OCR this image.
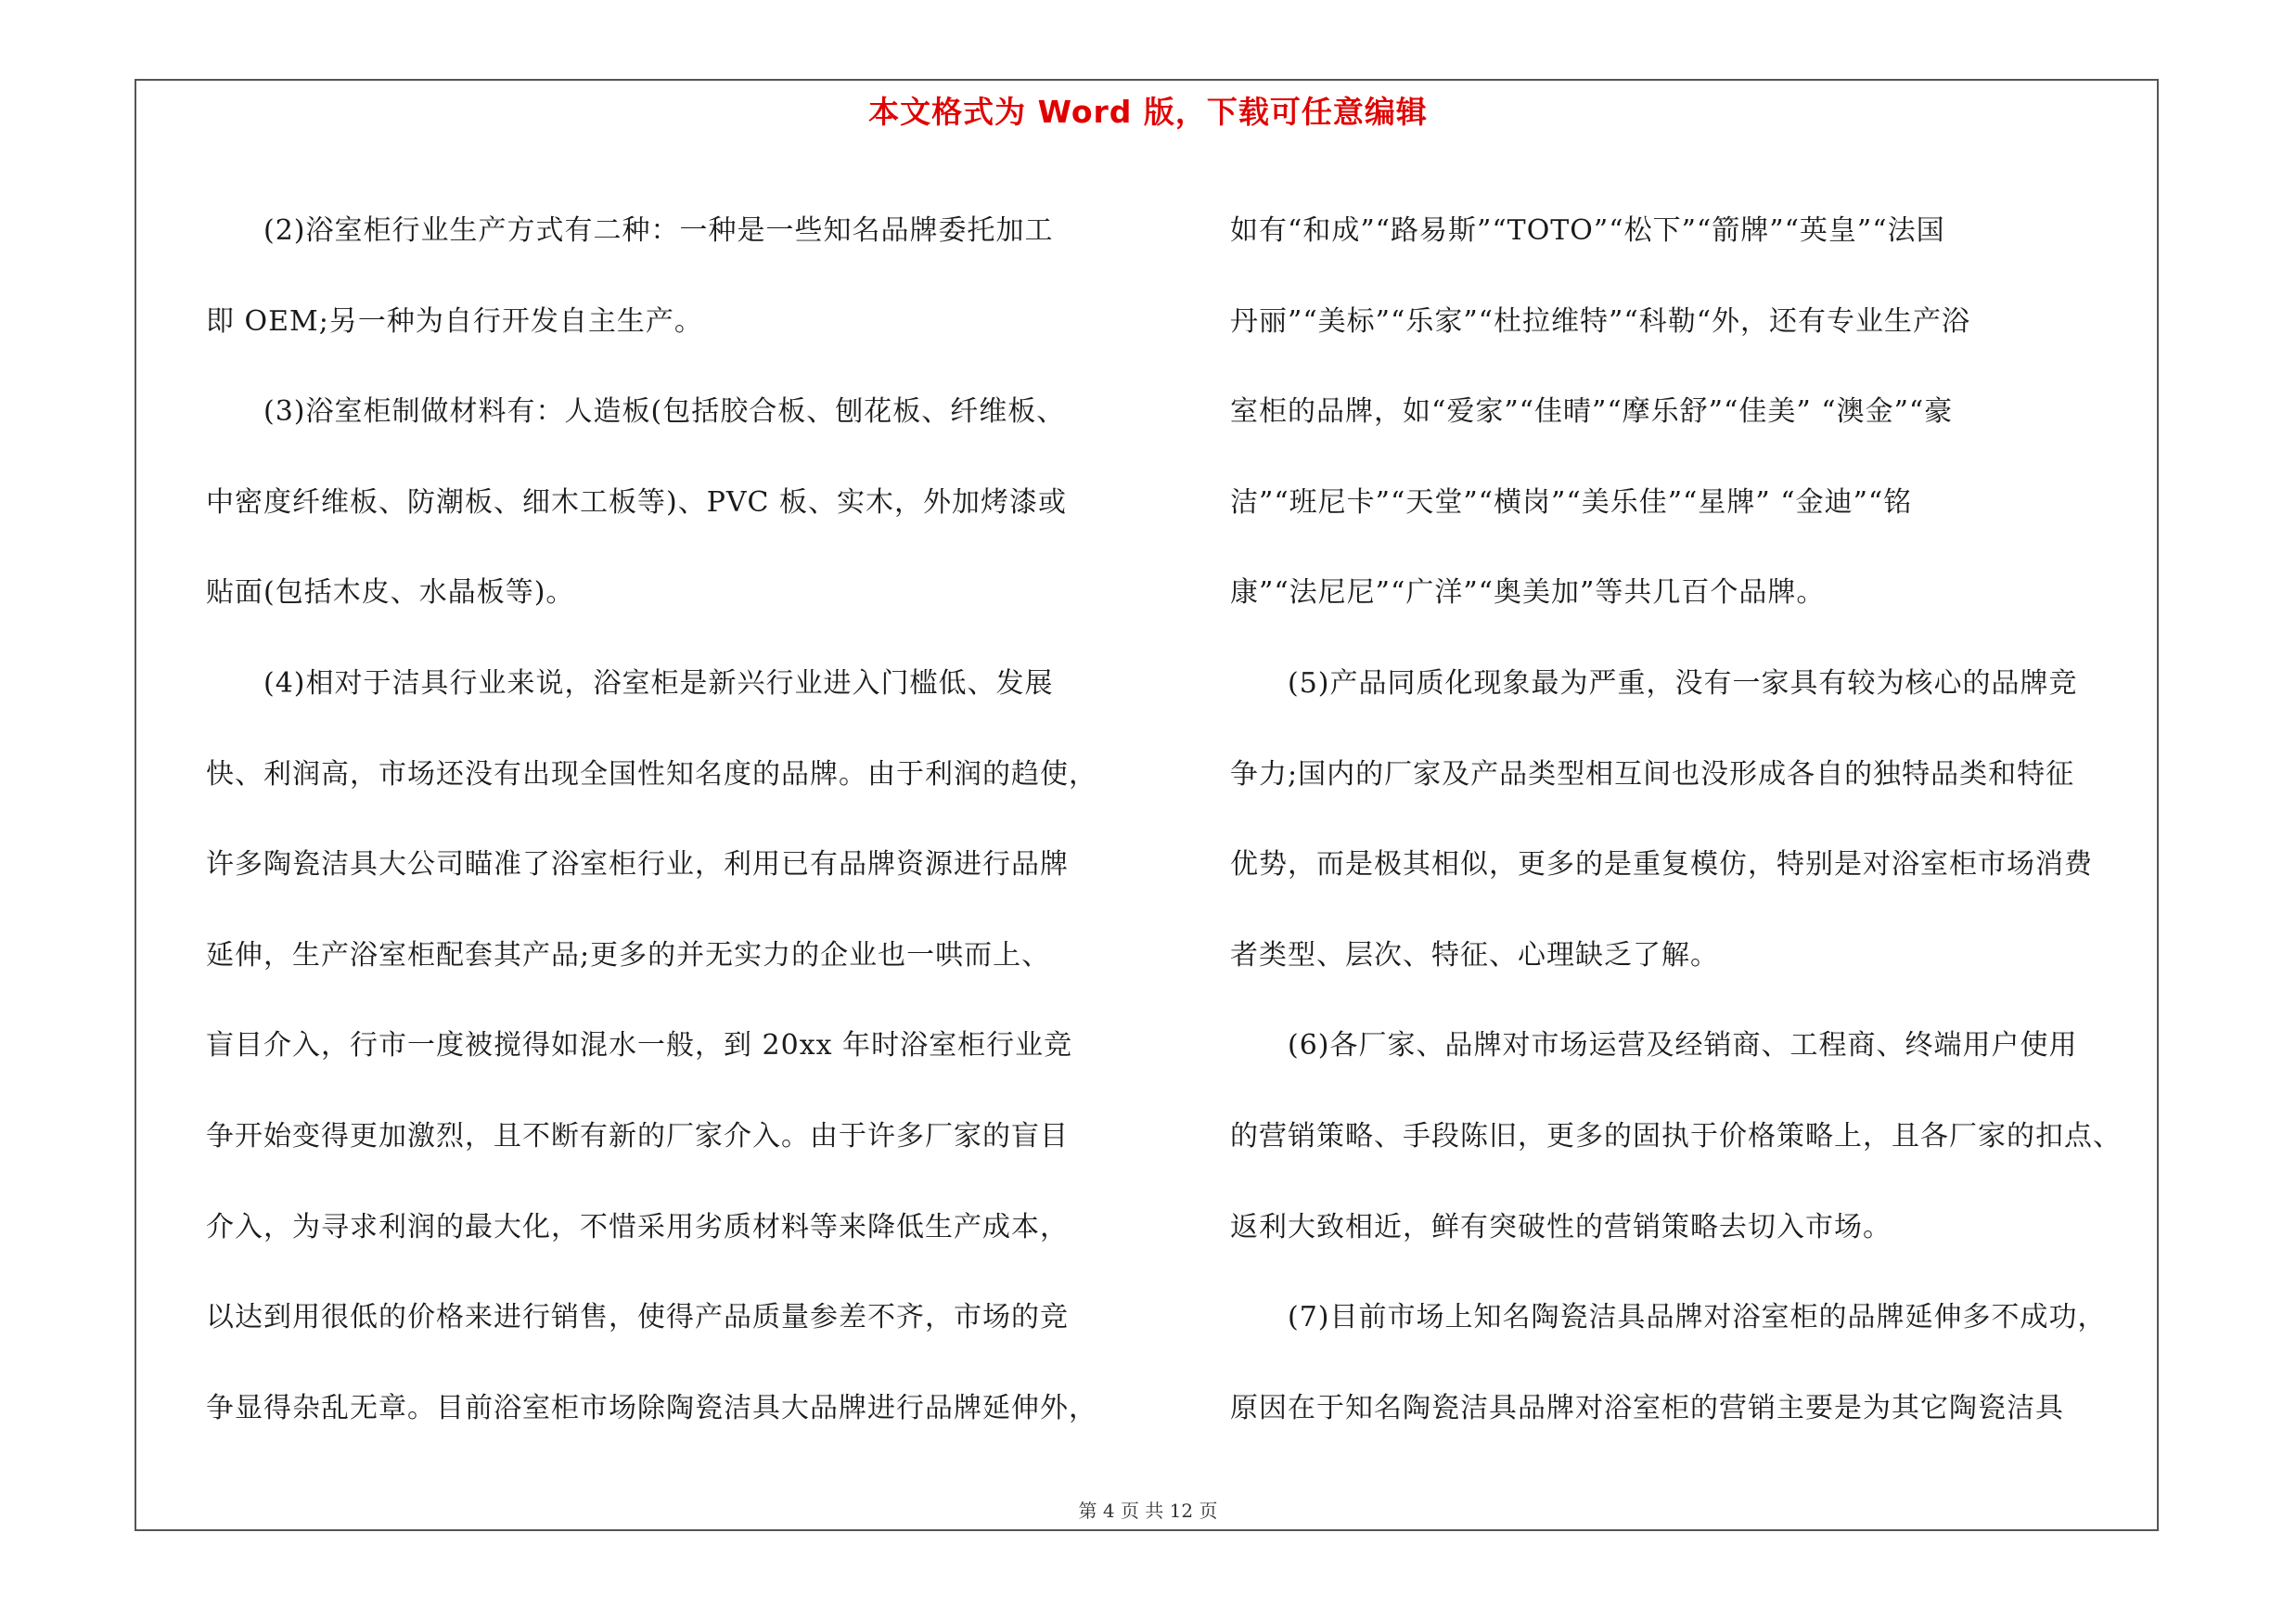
本文格式为 Word 版，下载可任意编辑
　　(2)浴室柜行业生产方式有二种：一种是一些知名品牌委托加工
即 OEM;另一种为自行开发自主生产。
　　(3)浴室柜制做材料有：人造板(包括胶合板、刨花板、纤维板、
中密度纤维板、防潮板、细木工板等)、PVC 板、实木，外加烤漆或
贴面(包括木皮、水晶板等)。
　　(4)相对于洁具行业来说，浴室柜是新兴行业进入门槛低、发展
快、利润高，市场还没有出现全国性知名度的品牌。由于利润的趋使，
许多陶瓷洁具大公司瞄准了浴室柜行业，利用已有品牌资源进行品牌
延伸，生产浴室柜配套其产品;更多的并无实力的企业也一哄而上、
盲目介入，行市一度被搅得如混水一般，到 20xx 年时浴室柜行业竞
争开始变得更加激烈，且不断有新的厂家介入。由于许多厂家的盲目
介入，为寻求利润的最大化，不惜采用劣质材料等来降低生产成本，
以达到用很低的价格来进行销售，使得产品质量参差不齐，市场的竞
争显得杂乱无章。目前浴室柜市场除陶瓷洁具大品牌进行品牌延伸外，
如有“和成”“路易斯”“TOTO”“松下”“箭牌”“英皇”“法国
丹丽”“美标”“乐家”“杜拉维特”“科勒“外，还有专业生产浴
室柜的品牌，如“爱家”“佳晴”“摩乐舒”“佳美” “澳金”“豪
洁”“班尼卡”“天堂”“横岗”“美乐佳”“星牌” “金迪”“铭
康”“法尼尼”“广洋”“奥美加”等共几百个品牌。
　　(5)产品同质化现象最为严重，没有一家具有较为核心的品牌竞
争力;国内的厂家及产品类型相互间也没形成各自的独特品类和特征
优势，而是极其相似，更多的是重复模仿，特别是对浴室柜市场消费
者类型、层次、特征、心理缺乏了解。
　　(6)各厂家、品牌对市场运营及经销商、工程商、终端用户使用
的营销策略、手段陈旧，更多的固执于价格策略上，且各厂家的扣点、
返利大致相近，鲜有突破性的营销策略去切入市场。
　　(7)目前市场上知名陶瓷洁具品牌对浴室柜的品牌延伸多不成功，
原因在于知名陶瓷洁具品牌对浴室柜的营销主要是为其它陶瓷洁具
第 4 页 共 12 页
